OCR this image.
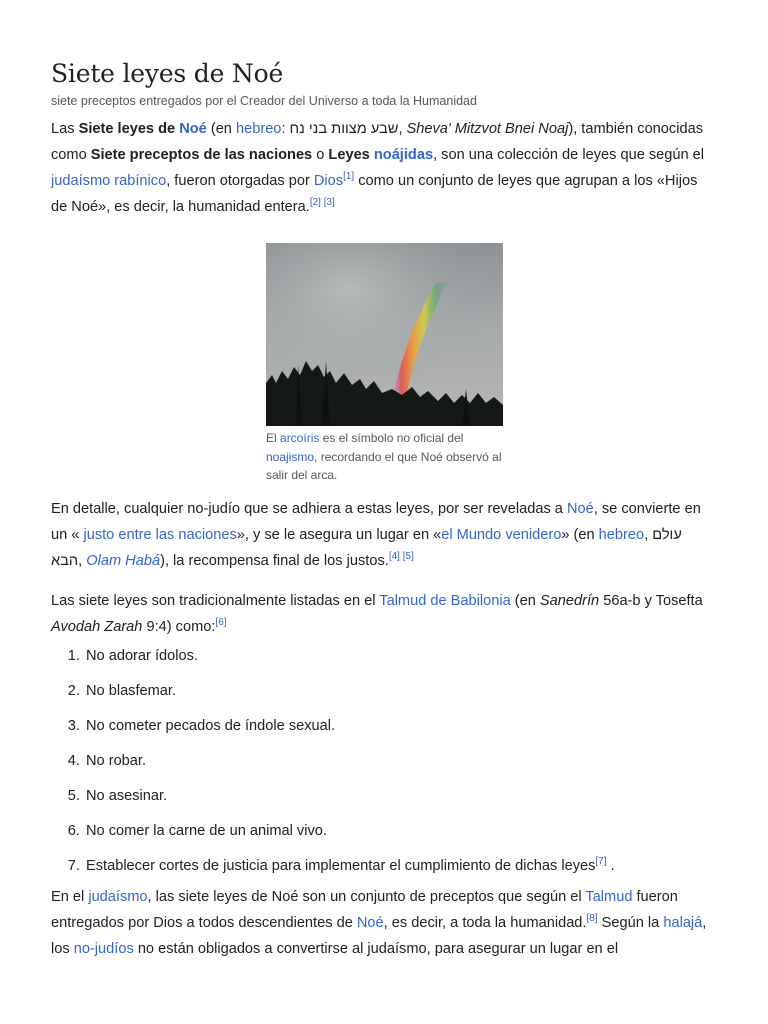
Siete leyes de Noé
siete preceptos entregados por el Creador del Universo a toda la Humanidad

Las Siete leyes de Noé (en hebreo: שבע מצוות בני נח, Sheva' Mitzvot Bnei Noaj), también conocidas como Siete preceptos de las naciones o Leyes noájidas, son una colección de leyes que según el judaísmo rabínico, fueron otorgadas por Dios[1] como un conjunto de leyes que agrupan a los «Hijos de Noé», es decir, la humanidad entera.[2] [3]

El arcoíris es el símbolo no oficial del noajismo, recordando el que Noé observó al salir del arca.

En detalle, cualquier no-judío que se adhiera a estas leyes, por ser reveladas a Noé, se convierte en un « justo entre las naciones», y se le asegura un lugar en «el Mundo venidero» (en hebreo, עולם הבא, Olam Habá), la recompensa final de los justos.[4] [5]

Las siete leyes son tradicionalmente listadas en el Talmud de Babilonia (en Sanedrín 56a-b y Tosefta Avodah Zarah 9:4) como:[6]

1. No adorar ídolos.
2. No blasfemar.
3. No cometer pecados de índole sexual.
4. No robar.
5. No asesinar.
6. No comer la carne de un animal vivo.
7. Establecer cortes de justicia para implementar el cumplimiento de dichas leyes[7] .

En el judaísmo, las siete leyes de Noé son un conjunto de preceptos que según el Talmud fueron entregados por Dios a todos descendientes de Noé, es decir, a toda la humanidad.[8] Según la halajá, los no-judíos no están obligados a convertirse al judaísmo, para asegurar un lugar en el
